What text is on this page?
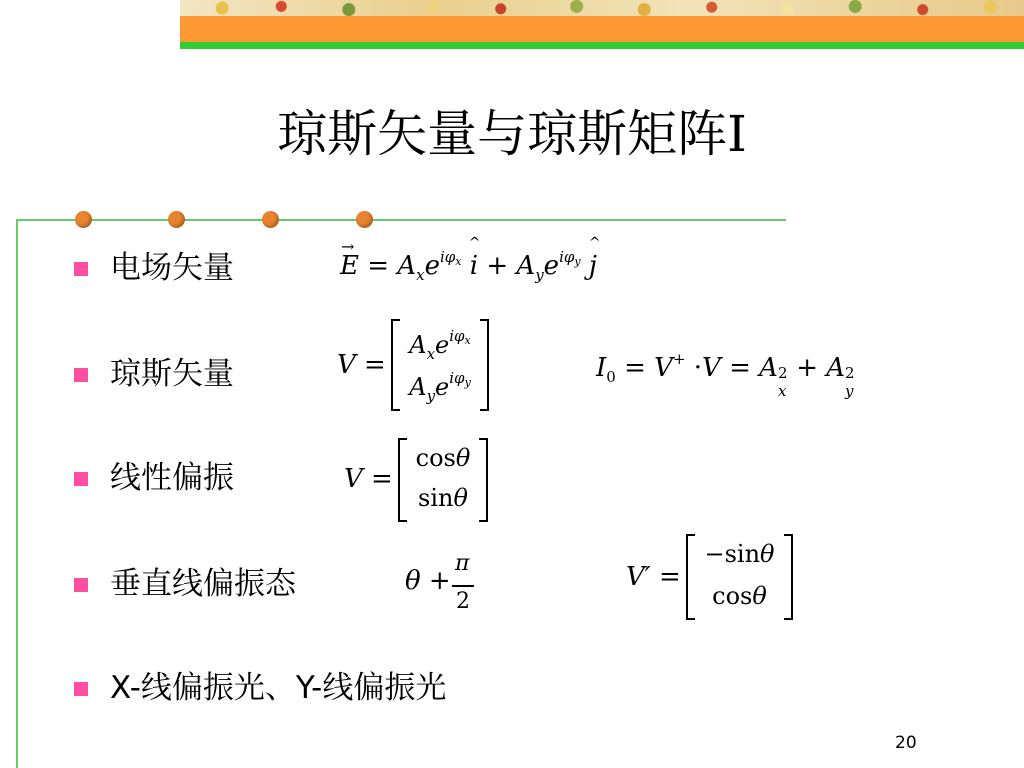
琼斯矢量与琼斯矩阵I
电场矢量	E
→
= $A_xe^{i\varphi_x}$ i
^
+ $A_ye^{i\varphi_y}$ j
^
琼斯矢量	V =
$A_xe^{i\varphi_x}$
$A_ye^{i\varphi_y}$	$I_0 = V^+ \cdot V = A$ 2
x
+ A 2
y
线性偏振	V =
cosθ
sinθ
垂直线偏振态	θ +
π
2
V′ =
−sinθ
cosθ
X-线偏振光、Y-线偏振光
20
